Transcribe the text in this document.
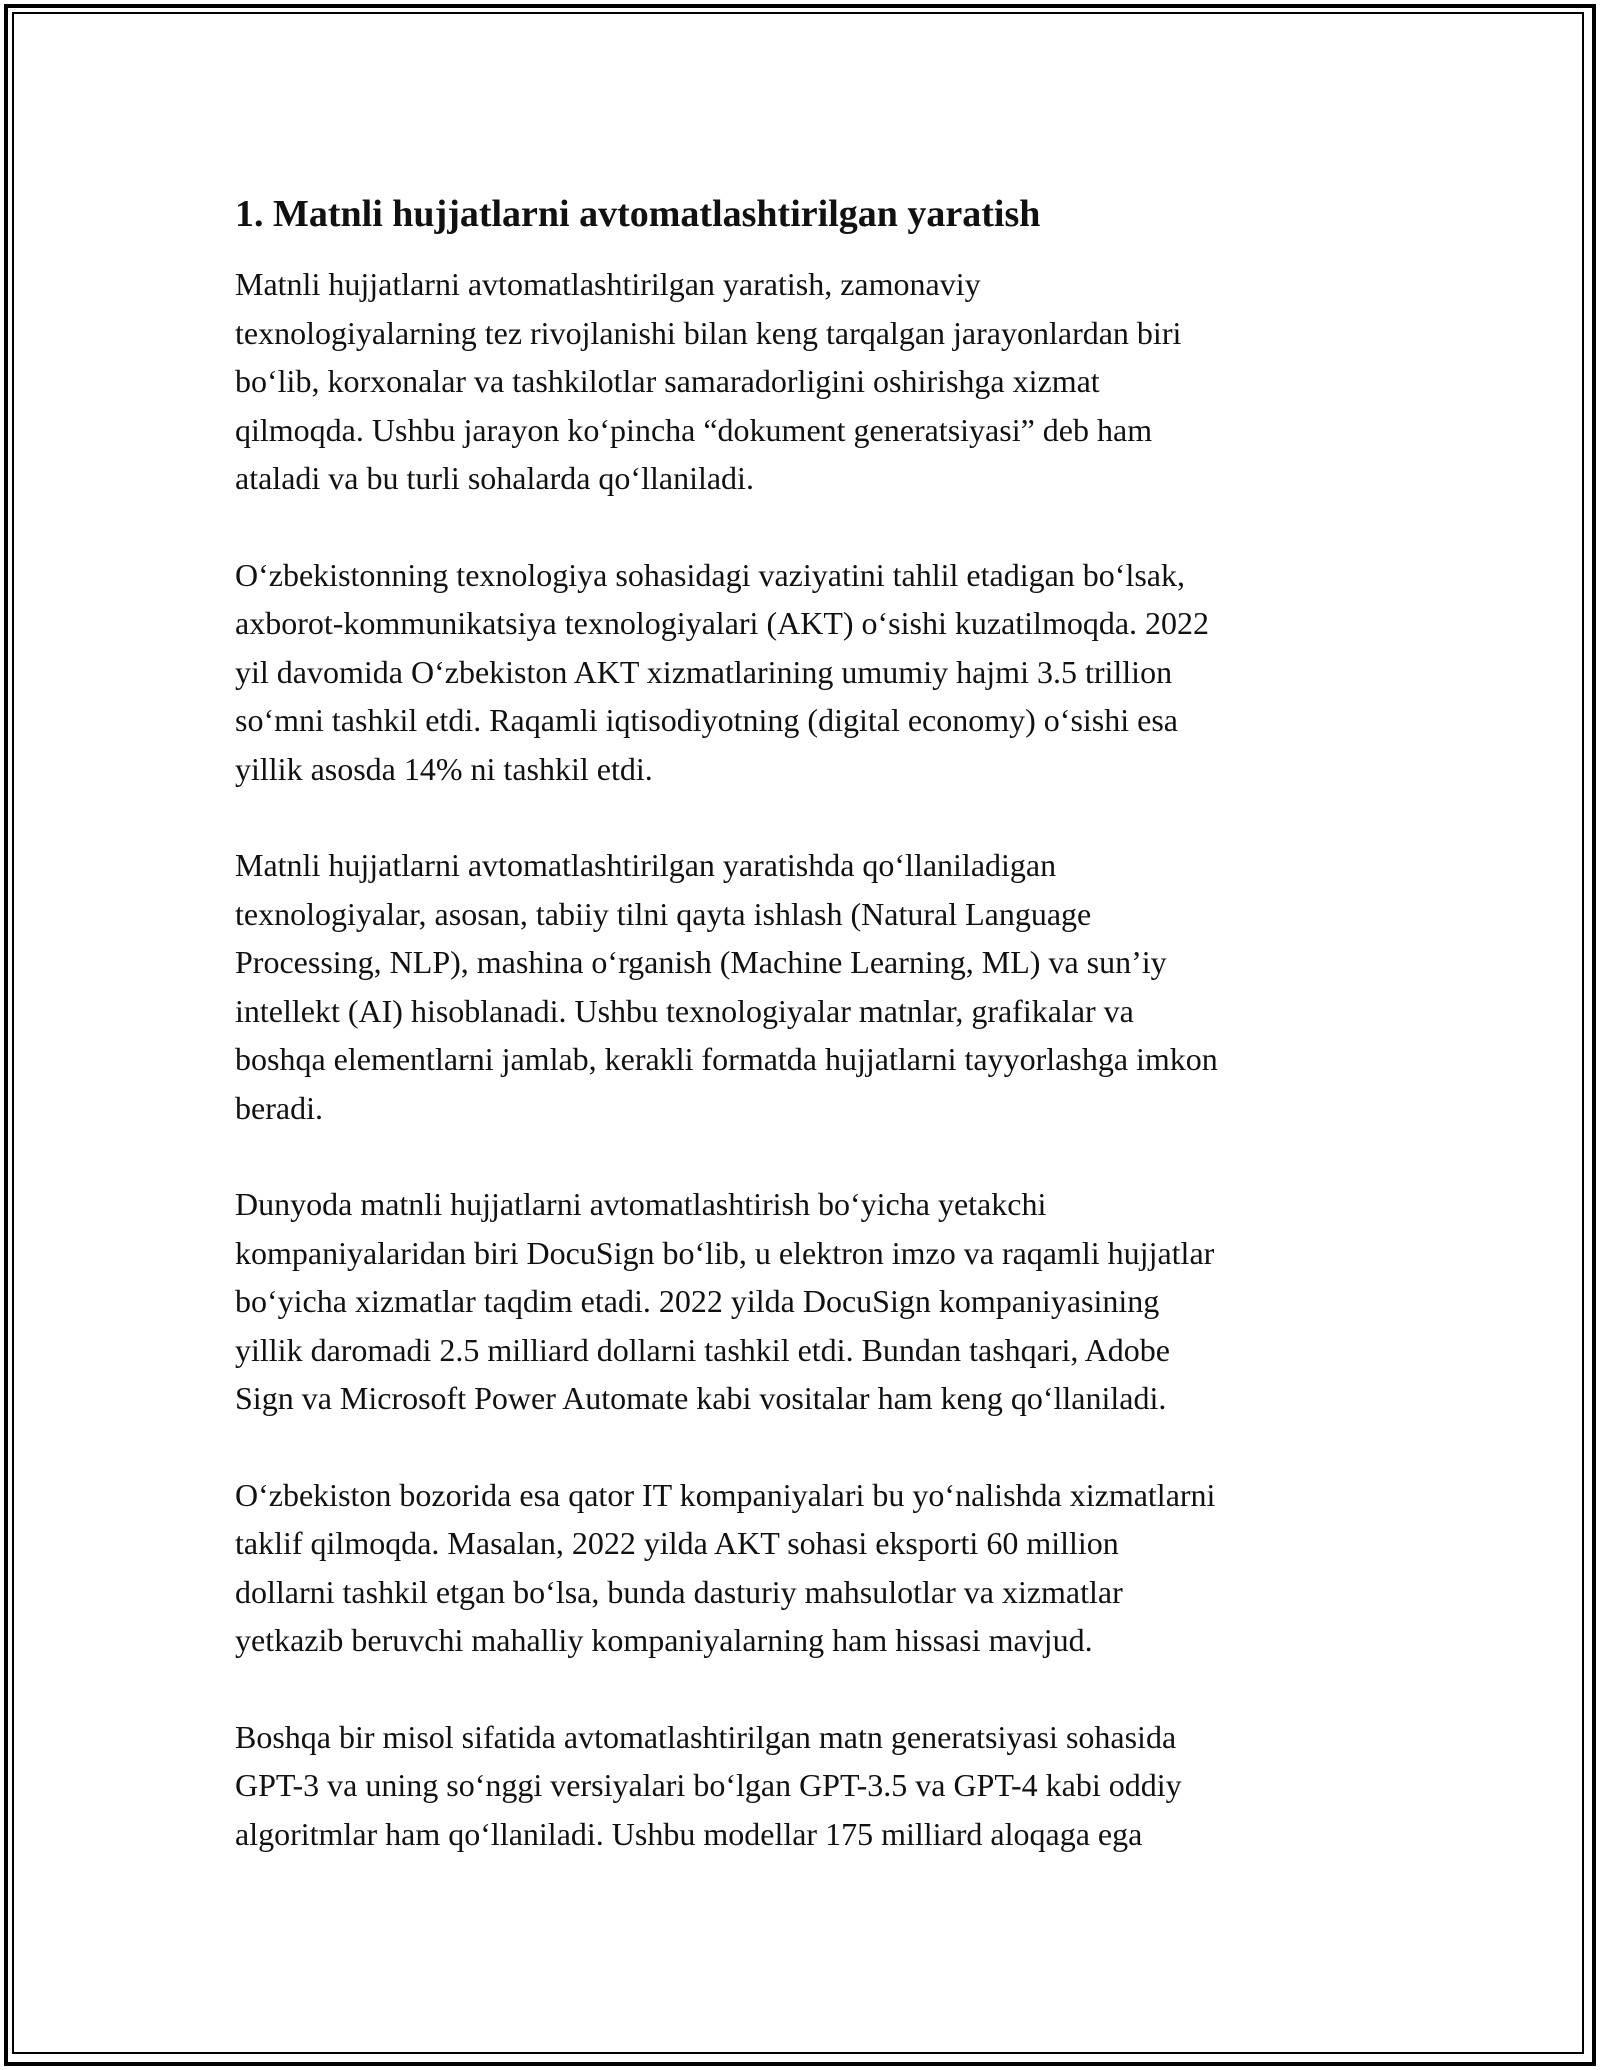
1. Matnli hujjatlarni avtomatlashtirilgan yaratish

Matnli hujjatlarni avtomatlashtirilgan yaratish, zamonaviy
texnologiyalarning tez rivojlanishi bilan keng tarqalgan jarayonlardan biri
boʻlib, korxonalar va tashkilotlar samaradorligini oshirishga xizmat
qilmoqda. Ushbu jarayon koʻpincha “dokument generatsiyasi” deb ham
ataladi va bu turli sohalarda qoʻllaniladi.

Oʻzbekistonning texnologiya sohasidagi vaziyatini tahlil etadigan boʻlsak,
axborot-kommunikatsiya texnologiyalari (AKT) oʻsishi kuzatilmoqda. 2022
yil davomida Oʻzbekiston AKT xizmatlarining umumiy hajmi 3.5 trillion
soʻmni tashkil etdi. Raqamli iqtisodiyotning (digital economy) oʻsishi esa
yillik asosda 14% ni tashkil etdi.

Matnli hujjatlarni avtomatlashtirilgan yaratishda qoʻllaniladigan
texnologiyalar, asosan, tabiiy tilni qayta ishlash (Natural Language
Processing, NLP), mashina oʻrganish (Machine Learning, ML) va sun’iy
intellekt (AI) hisoblanadi. Ushbu texnologiyalar matnlar, grafikalar va
boshqa elementlarni jamlab, kerakli formatda hujjatlarni tayyorlashga imkon
beradi.

Dunyoda matnli hujjatlarni avtomatlashtirish boʻyicha yetakchi
kompaniyalaridan biri DocuSign boʻlib, u elektron imzo va raqamli hujjatlar
boʻyicha xizmatlar taqdim etadi. 2022 yilda DocuSign kompaniyasining
yillik daromadi 2.5 milliard dollarni tashkil etdi. Bundan tashqari, Adobe
Sign va Microsoft Power Automate kabi vositalar ham keng qoʻllaniladi.

Oʻzbekiston bozorida esa qator IT kompaniyalari bu yoʻnalishda xizmatlarni
taklif qilmoqda. Masalan, 2022 yilda AKT sohasi eksporti 60 million
dollarni tashkil etgan boʻlsa, bunda dasturiy mahsulotlar va xizmatlar
yetkazib beruvchi mahalliy kompaniyalarning ham hissasi mavjud.

Boshqa bir misol sifatida avtomatlashtirilgan matn generatsiyasi sohasida
GPT-3 va uning soʻnggi versiyalari boʻlgan GPT-3.5 va GPT-4 kabi oddiy
algoritmlar ham qoʻllaniladi. Ushbu modellar 175 milliard aloqaga ega
